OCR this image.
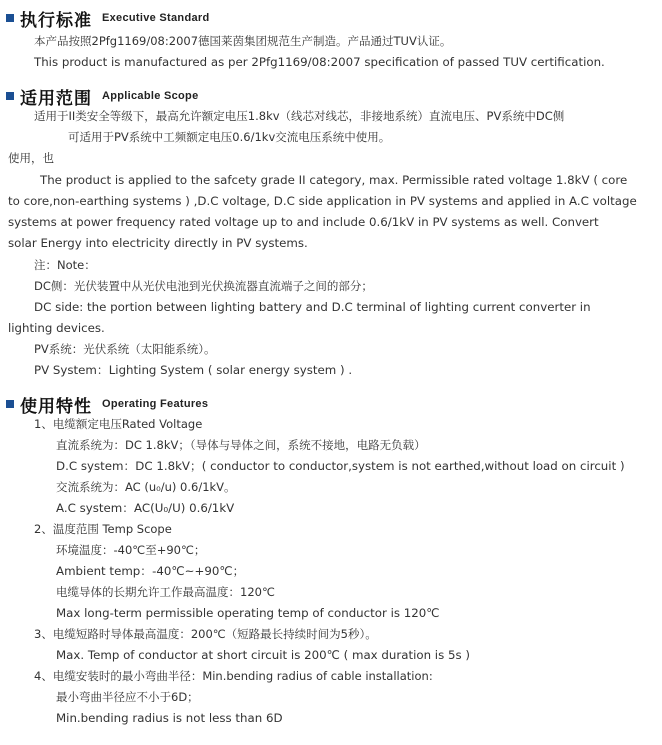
执行标准 Executive Standard
本产品按照2Pfg1169/08:2007德国莱茵集团规范生产制造。产品通过TUV认证。
This product is manufactured as per 2Pfg1169/08:2007 specification of passed TUV certification.
适用范围 Applicable Scope
适用于II类安全等级下，最高允许额定电压1.8kv（线芯对线芯，非接地系统）直流电压、PV系统中DC侧
可适用于PV系统中工频额定电压0.6/1kv交流电压系统中使用。
使用，也
The product is applied to the safcety grade II category, max. Permissible rated voltage 1.8kV ( core
to core,non-earthing systems ) ,D.C voltage, D.C side application in PV systems and applied in A.C voltage
systems at power frequency rated voltage up to and include 0.6/1kV in PV systems as well. Convert
solar Energy into electricity directly in PV systems.
注：Note：
DC侧：光伏装置中从光伏电池到光伏换流器直流端子之间的部分；
DC side: the portion between lighting battery and D.C terminal of lighting current converter in
lighting devices.
PV系统：光伏系统（太阳能系统）。
PV System：Lighting System ( solar energy system ) .
使用特性 Operating Features
1、电缆额定电压Rated Voltage
直流系统为：DC 1.8kV；（导体与导体之间，系统不接地，电路无负载）
D.C system：DC 1.8kV；( conductor to conductor,system is not earthed,without load on circuit )
交流系统为：AC (u₀/u) 0.6/1kV。
A.C system：AC(U₀/U) 0.6/1kV
2、温度范围 Temp Scope
环境温度：-40℃至+90℃；
Ambient temp：-40℃~+90℃；
电缆导体的长期允许工作最高温度：120℃
Max long-term permissible operating temp of conductor is 120℃
3、电缆短路时导体最高温度：200℃（短路最长持续时间为5秒）。
Max. Temp of conductor at short circuit is 200℃ ( max duration is 5s )
4、电缆安装时的最小弯曲半径：Min.bending radius of cable installation:
最小弯曲半径应不小于6D；
Min.bending radius is not less than 6D
